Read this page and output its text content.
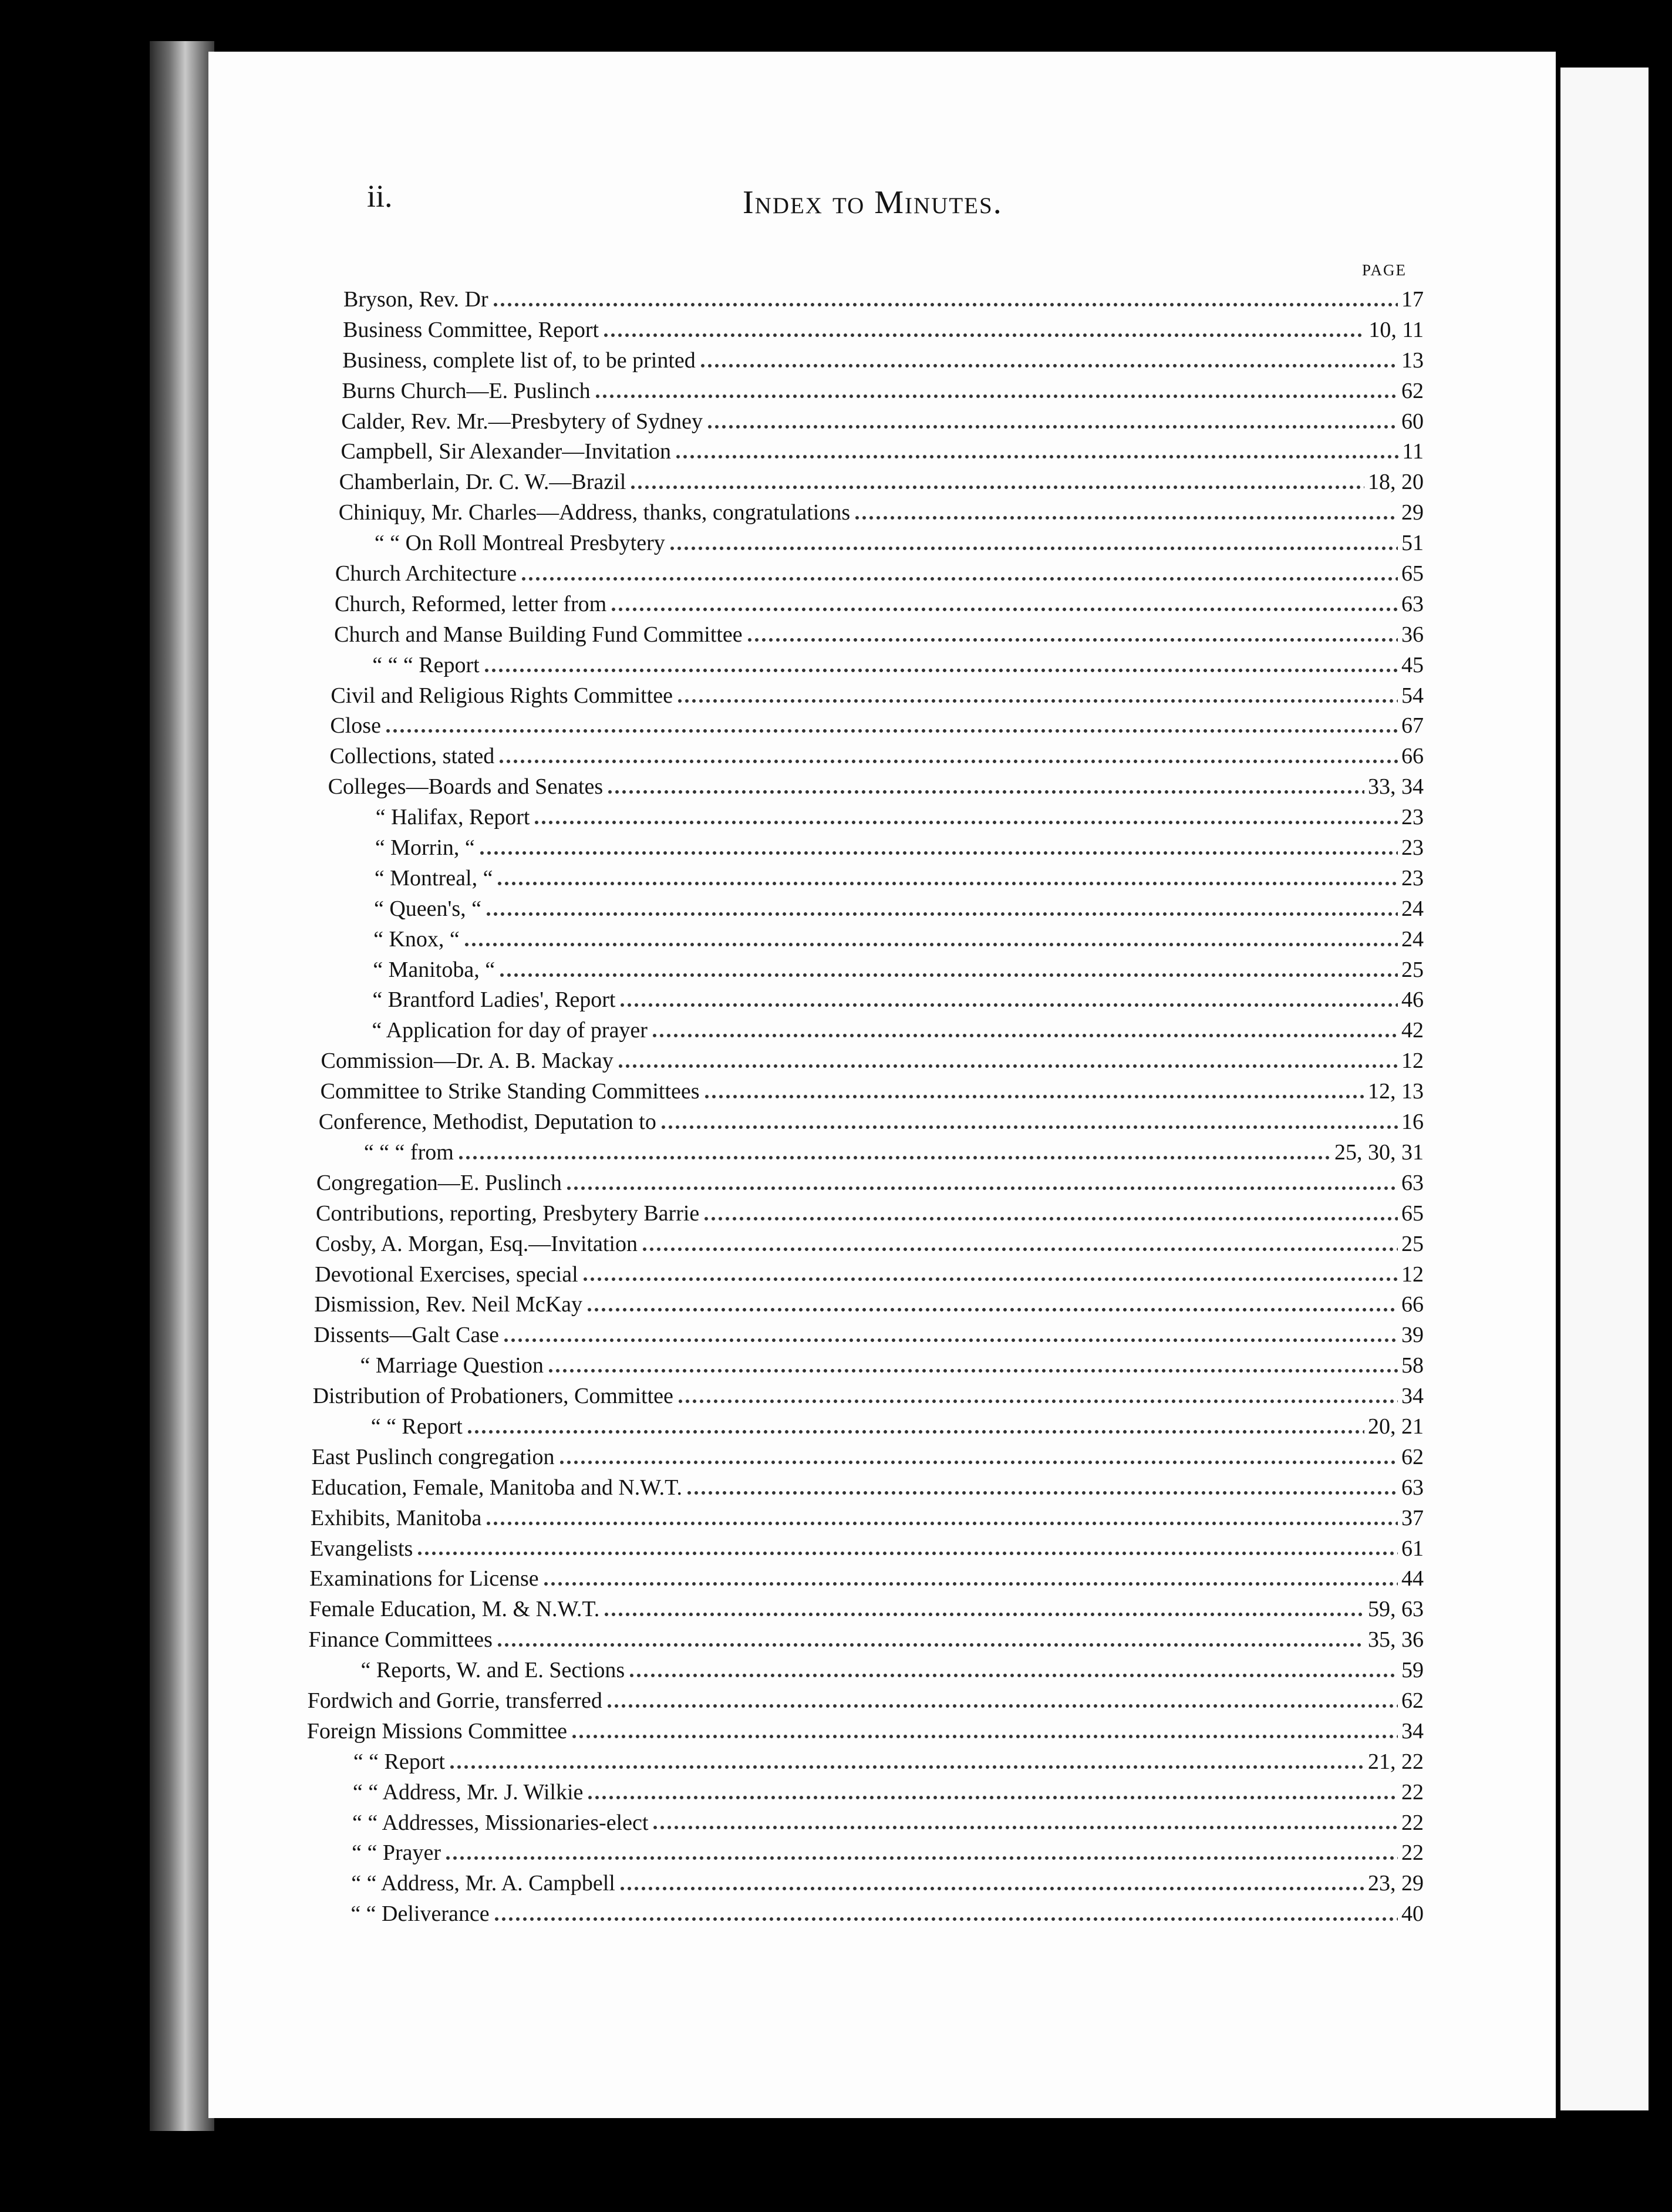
ii.	Index to Minutes.
PAGE
Bryson, Rev. Dr	17
Business Committee, Report	10, 11
Business, complete list of, to be printed	13
Burns Church—E. Puslinch	62
Calder, Rev. Mr.—Presbytery of Sydney	60
Campbell, Sir Alexander—Invitation	11
Chamberlain, Dr. C. W.—Brazil	18, 20
Chiniquy, Mr. Charles—Address, thanks, congratulations	29
“ “ On Roll Montreal Presbytery	51
Church Architecture	65
Church, Reformed, letter from	63
Church and Manse Building Fund Committee	36
“ “ “ Report	45
Civil and Religious Rights Committee	54
Close	67
Collections, stated	66
Colleges—Boards and Senates	33, 34
“ Halifax, Report	23
“ Morrin, “	23
“ Montreal, “	23
“ Queen's, “	24
“ Knox, “	24
“ Manitoba, “	25
“ Brantford Ladies', Report	46
“ Application for day of prayer	42
Commission—Dr. A. B. Mackay	12
Committee to Strike Standing Committees	12, 13
Conference, Methodist, Deputation to	16
“ “ “ from	25, 30, 31
Congregation—E. Puslinch	63
Contributions, reporting, Presbytery Barrie	65
Cosby, A. Morgan, Esq.—Invitation	25
Devotional Exercises, special	12
Dismission, Rev. Neil McKay	66
Dissents—Galt Case	39
“ Marriage Question	58
Distribution of Probationers, Committee	34
“ “ Report	20, 21
East Puslinch congregation	62
Education, Female, Manitoba and N.W.T.	63
Exhibits, Manitoba	37
Evangelists	61
Examinations for License	44
Female Education, M. & N.W.T.	59, 63
Finance Committees	35, 36
“ Reports, W. and E. Sections	59
Fordwich and Gorrie, transferred	62
Foreign Missions Committee	34
“ “ Report	21, 22
“ “ Address, Mr. J. Wilkie	22
“ “ Addresses, Missionaries-elect	22
“ “ Prayer	22
“ “ Address, Mr. A. Campbell	23, 29
“ “ Deliverance	40
